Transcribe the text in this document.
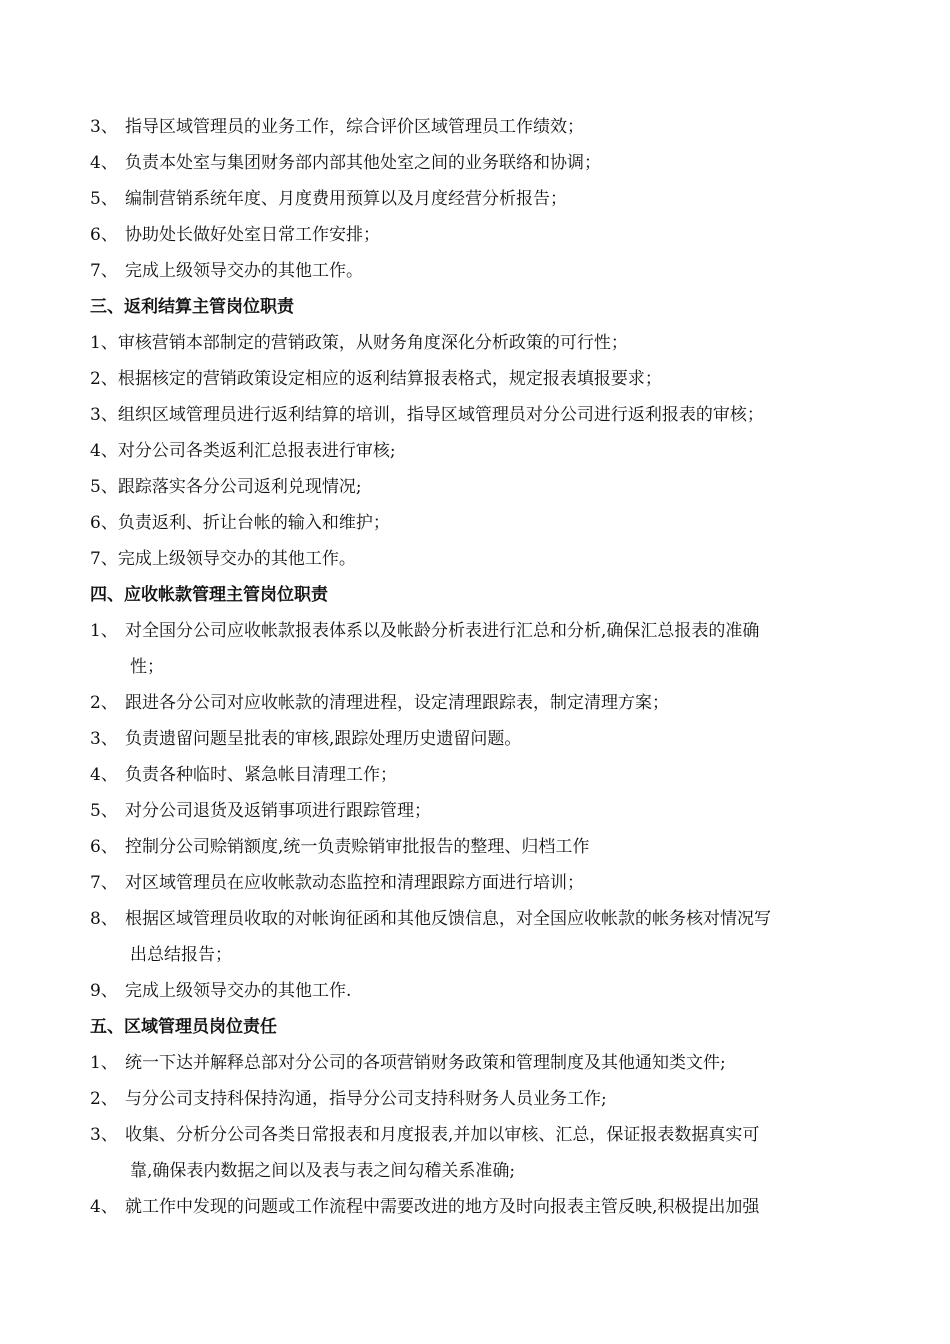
3、 指导区域管理员的业务工作，综合评价区域管理员工作绩效；
4、 负责本处室与集团财务部内部其他处室之间的业务联络和协调；
5、 编制营销系统年度、月度费用预算以及月度经营分析报告；
6、 协助处长做好处室日常工作安排；
7、 完成上级领导交办的其他工作。
三、返利结算主管岗位职责
1、审核营销本部制定的营销政策，从财务角度深化分析政策的可行性；
2、根据核定的营销政策设定相应的返利结算报表格式，规定报表填报要求；
3、组织区域管理员进行返利结算的培训，指导区域管理员对分公司进行返利报表的审核；
4、对分公司各类返利汇总报表进行审核;
5、跟踪落实各分公司返利兑现情况;
6、负责返利、折让台帐的输入和维护；
7、完成上级领导交办的其他工作。
四、应收帐款管理主管岗位职责
1、 对全国分公司应收帐款报表体系以及帐龄分析表进行汇总和分析,确保汇总报表的准确
性；
2、 跟进各分公司对应收帐款的清理进程，设定清理跟踪表，制定清理方案；
3、 负责遗留问题呈批表的审核,跟踪处理历史遗留问题。
4、 负责各种临时、紧急帐目清理工作；
5、 对分公司退货及返销事项进行跟踪管理；
6、 控制分公司赊销额度,统一负责赊销审批报告的整理、归档工作
7、 对区域管理员在应收帐款动态监控和清理跟踪方面进行培训；
8、 根据区域管理员收取的对帐询征函和其他反馈信息，对全国应收帐款的帐务核对情况写
出总结报告；
9、 完成上级领导交办的其他工作.
五、区域管理员岗位责任
1、 统一下达并解释总部对分公司的各项营销财务政策和管理制度及其他通知类文件;
2、 与分公司支持科保持沟通，指导分公司支持科财务人员业务工作;
3、 收集、分析分公司各类日常报表和月度报表,并加以审核、汇总，保证报表数据真实可
靠,确保表内数据之间以及表与表之间勾稽关系准确;
4、 就工作中发现的问题或工作流程中需要改进的地方及时向报表主管反映,积极提出加强
